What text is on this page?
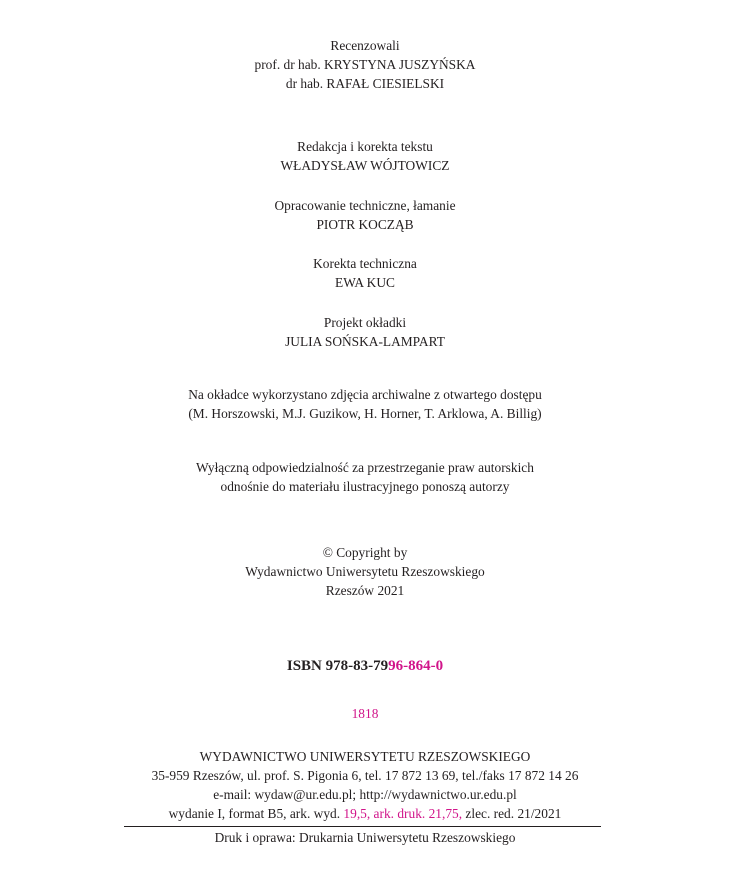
Recenzowali
prof. dr hab. KRYSTYNA JUSZYŃSKA
dr hab. RAFAŁ CIESIELSKI
Redakcja i korekta tekstu
WŁADYSŁAW WÓJTOWICZ
Opracowanie techniczne, łamanie
PIOTR KOCZĄB
Korekta techniczna
EWA KUC
Projekt okładki
JULIA SOŃSKA-LAMPART
Na okładce wykorzystano zdjęcia archiwalne z otwartego dostępu
(M. Horszowski, M.J. Guzikow, H. Horner, T. Arklowa, A. Billig)
Wyłączną odpowiedzialność za przestrzeganie praw autorskich
odnośnie do materiału ilustracyjnego ponoszą autorzy
© Copyright by
Wydawnictwo Uniwersytetu Rzeszowskiego
Rzeszów 2021
ISBN 978-83-7996-864-0
1818
WYDAWNICTWO UNIWERSYTETU RZESZOWSKIEGO
35-959 Rzeszów, ul. prof. S. Pigonia 6, tel. 17 872 13 69, tel./faks 17 872 14 26
e-mail: wydaw@ur.edu.pl; http://wydawnictwo.ur.edu.pl
wydanie I, format B5, ark. wyd. 19,5, ark. druk. 21,75, zlec. red. 21/2021
Druk i oprawa: Drukarnia Uniwersytetu Rzeszowskiego
